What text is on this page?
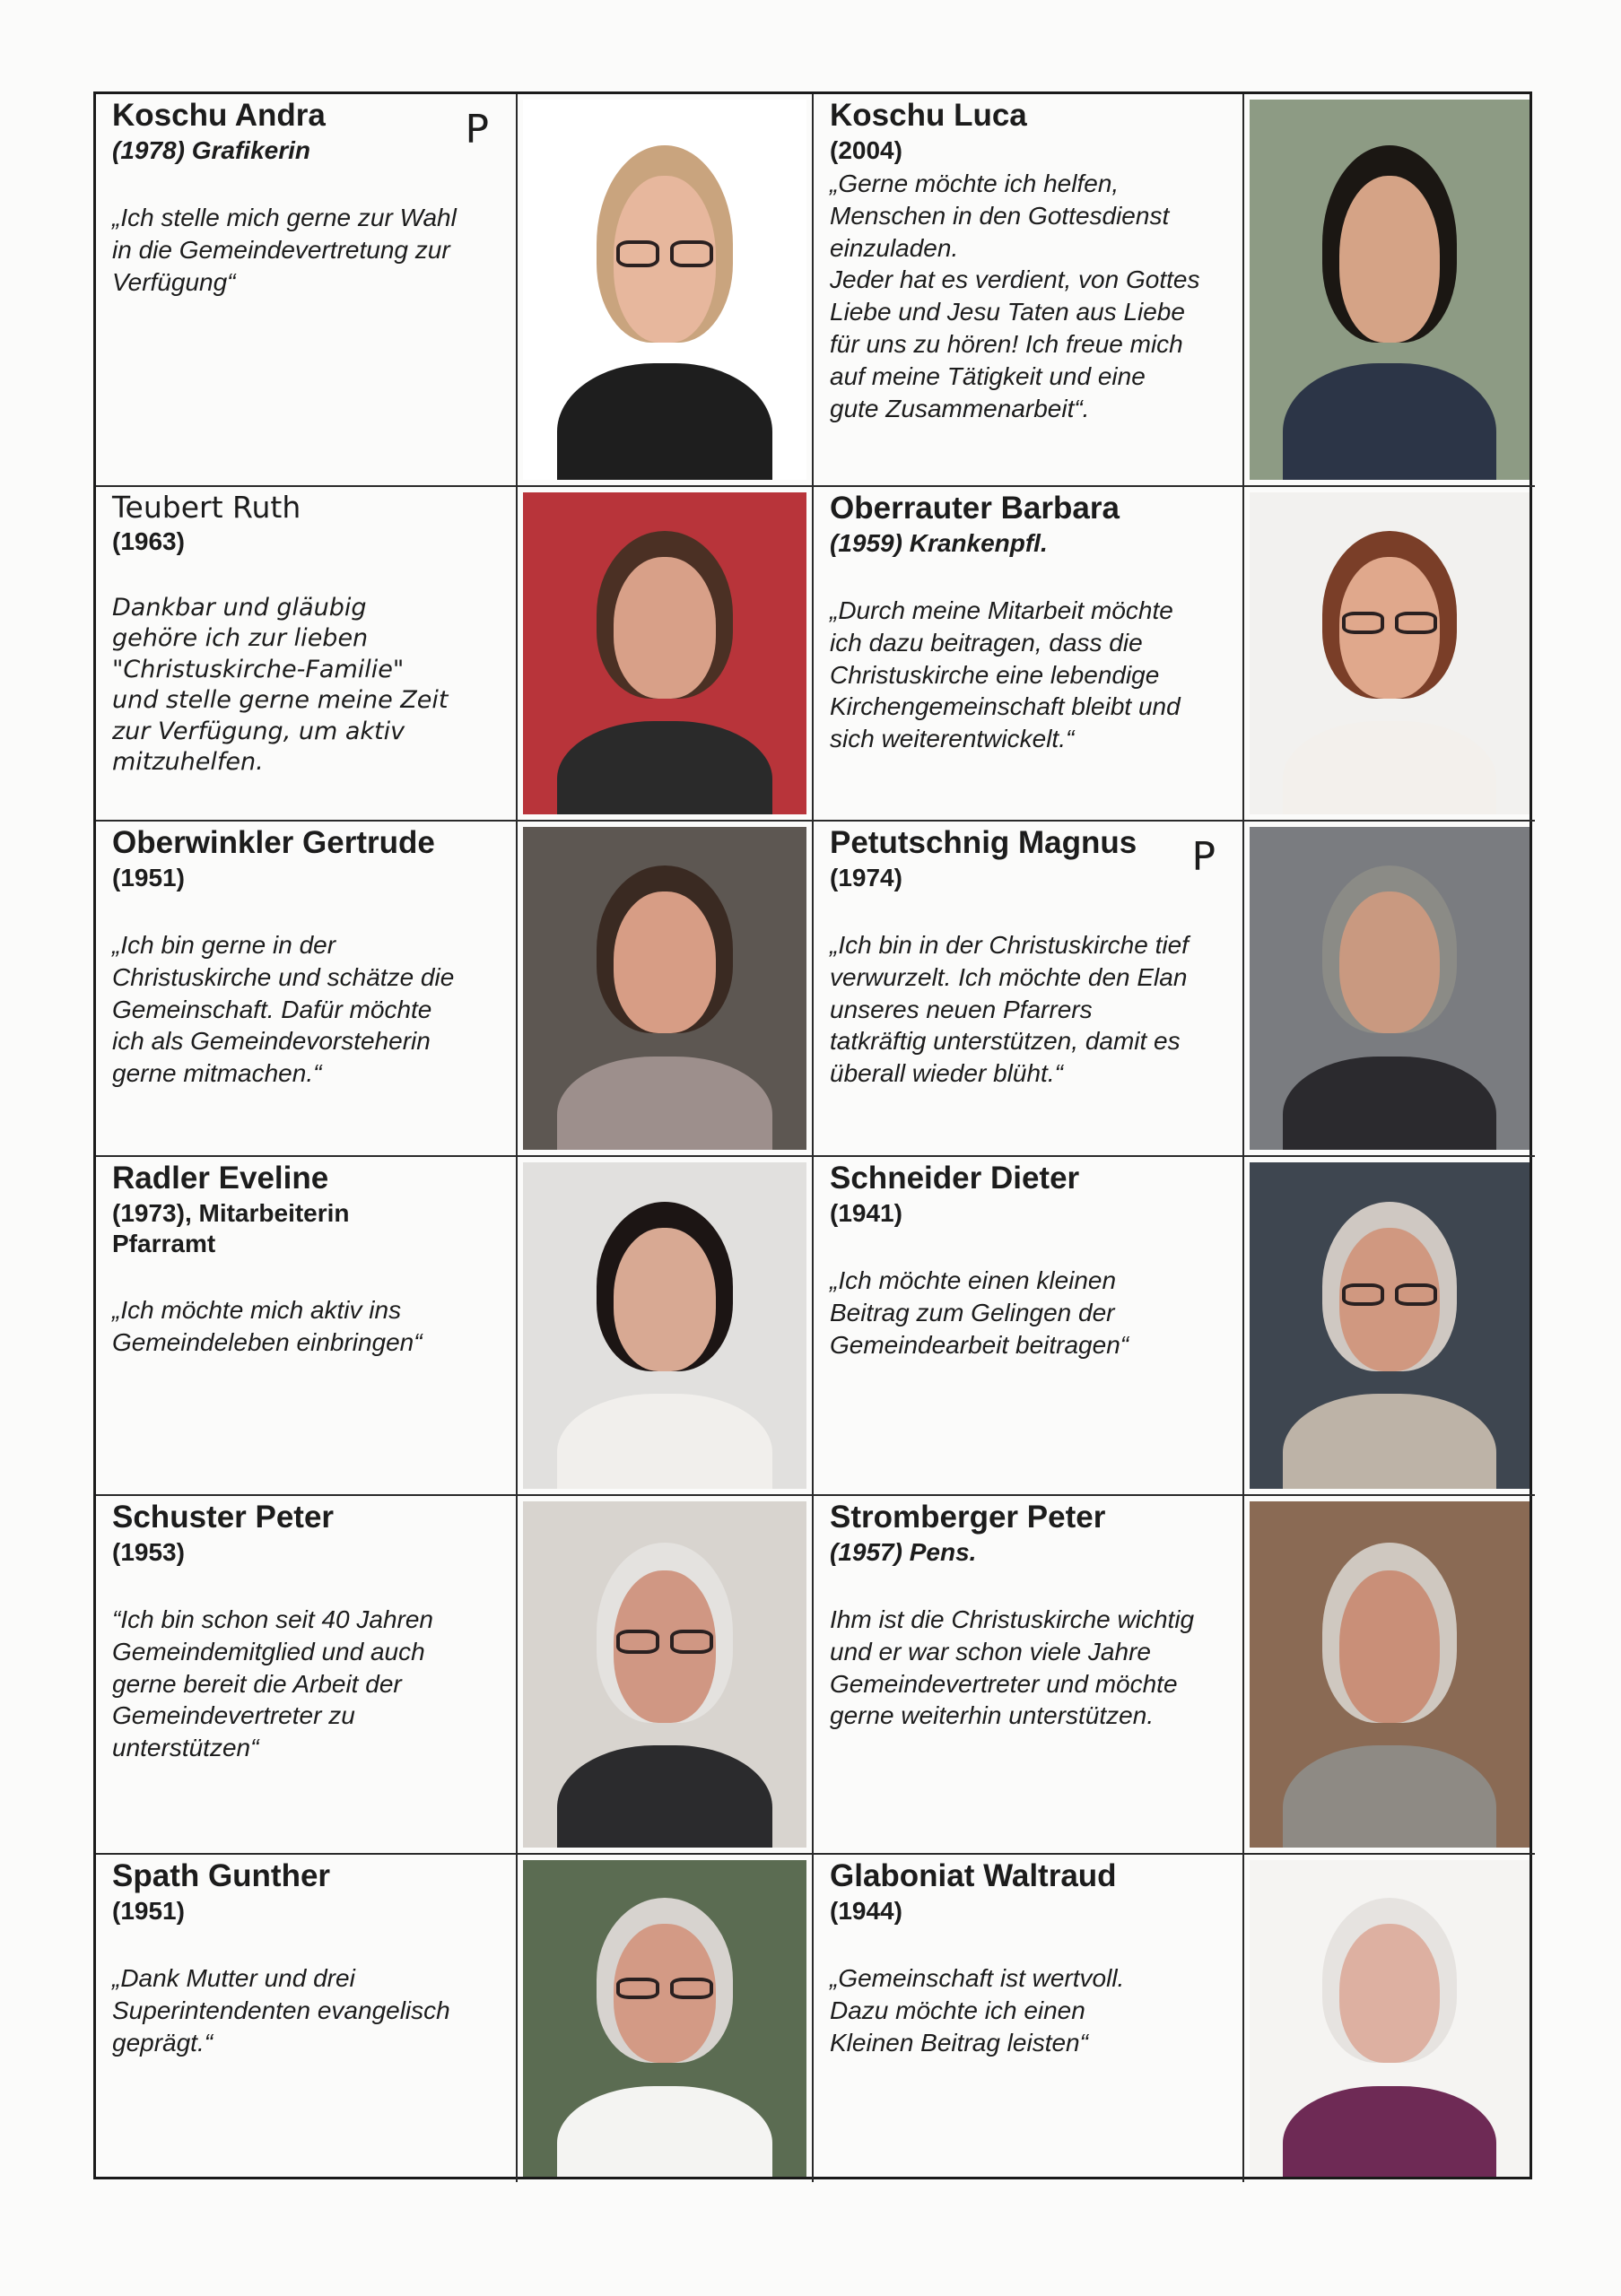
Koschu Andra
(1978) Grafikerin	P
„Ich stelle mich gerne zur Wahl
in die Gemeindevertretung zur
Verfügung“
Koschu Luca
(2004)
„Gerne möchte ich helfen,
Menschen in den Gottesdienst
einzuladen.
Jeder hat es verdient, von Gottes
Liebe und Jesu Taten aus Liebe
für uns zu hören! Ich freue mich
auf meine Tätigkeit und eine
gute Zusammenarbeit“.
Teubert Ruth
(1963)
Dankbar und gläubig
gehöre ich zur lieben
"Christuskirche-Familie"
und stelle gerne meine Zeit
zur Verfügung, um aktiv
mitzuhelfen.
Oberrauter Barbara
(1959) Krankenpfl.
„Durch meine Mitarbeit möchte
ich dazu beitragen, dass die
Christuskirche eine lebendige
Kirchengemeinschaft bleibt und
sich weiterentwickelt.“
Oberwinkler Gertrude
(1951)
„Ich bin gerne in der
Christuskirche und schätze die
Gemeinschaft. Dafür möchte
ich als Gemeindevorsteherin
gerne mitmachen.“
Petutschnig Magnus
(1974)	P
„Ich bin in der Christuskirche tief
verwurzelt. Ich möchte den Elan
unseres neuen Pfarrers
tatkräftig unterstützen, damit es
überall wieder blüht.“
Radler Eveline
(1973), Mitarbeiterin
Pfarramt
„Ich möchte mich aktiv ins
Gemeindeleben einbringen“
Schneider Dieter
(1941)
„Ich möchte einen kleinen
Beitrag zum Gelingen der
Gemeindearbeit beitragen“
Schuster Peter
(1953)
“Ich bin schon seit 40 Jahren
Gemeindemitglied und auch
gerne bereit die Arbeit der
Gemeindevertreter zu
unterstützen“
Stromberger Peter
(1957) Pens.
Ihm ist die Christuskirche wichtig
und er war schon viele Jahre
Gemeindevertreter und möchte
gerne weiterhin unterstützen.
Spath Gunther
(1951)
„Dank Mutter und drei
Superintendenten evangelisch
geprägt.“
Glaboniat Waltraud
(1944)
„Gemeinschaft ist wertvoll.
Dazu möchte ich einen
Kleinen Beitrag leisten“
